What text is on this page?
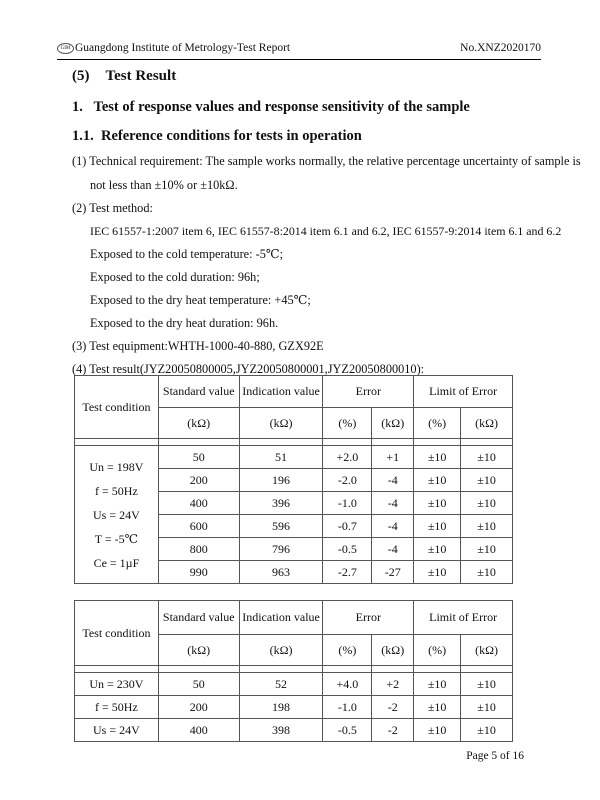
GIM Guangdong Institute of Metrology-Test Report	No.XNZ2020170
(5) Test Result
1.   Test of response values and response sensitivity of the sample
1.1.  Reference conditions for tests in operation
(1) Technical requirement: The sample works normally, the relative percentage uncertainty of sample is
not less than ±10% or ±10kΩ.
(2) Test method:
IEC 61557-1:2007 item 6, IEC 61557-8:2014 item 6.1 and 6.2, IEC 61557-9:2014 item 6.1 and 6.2
Exposed to the cold temperature: -5℃;
Exposed to the cold duration: 96h;
Exposed to the dry heat temperature: +45℃;
Exposed to the dry heat duration: 96h.
(3) Test equipment:WHTH-1000-40-880, GZX92E
(4) Test result(JYZ20050800005,JYZ20050800001,JYZ20050800010):
Test condition	Standard value	Indication value	Error		Limit of Error	
	(kΩ)	(kΩ)	(%)	(kΩ)	(%)	(kΩ)

Un = 198V
f = 50Hz
Us = 24V
T = -5℃
Ce = 1µF	50	51	+2.0	+1	±10	±10
	200	196	-2.0	-4	±10	±10
	400	396	-1.0	-4	±10	±10
	600	596	-0.7	-4	±10	±10
	800	796	-0.5	-4	±10	±10
	990	963	-2.7	-27	±10	±10
Test condition	Standard value	Indication value	Error		Limit of Error	
	(kΩ)	(kΩ)	(%)	(kΩ)	(%)	(kΩ)

Un = 230V	50	52	+4.0	+2	±10	±10
f = 50Hz	200	198	-1.0	-2	±10	±10
Us = 24V	400	398	-0.5	-2	±10	±10
Page 5 of 16
